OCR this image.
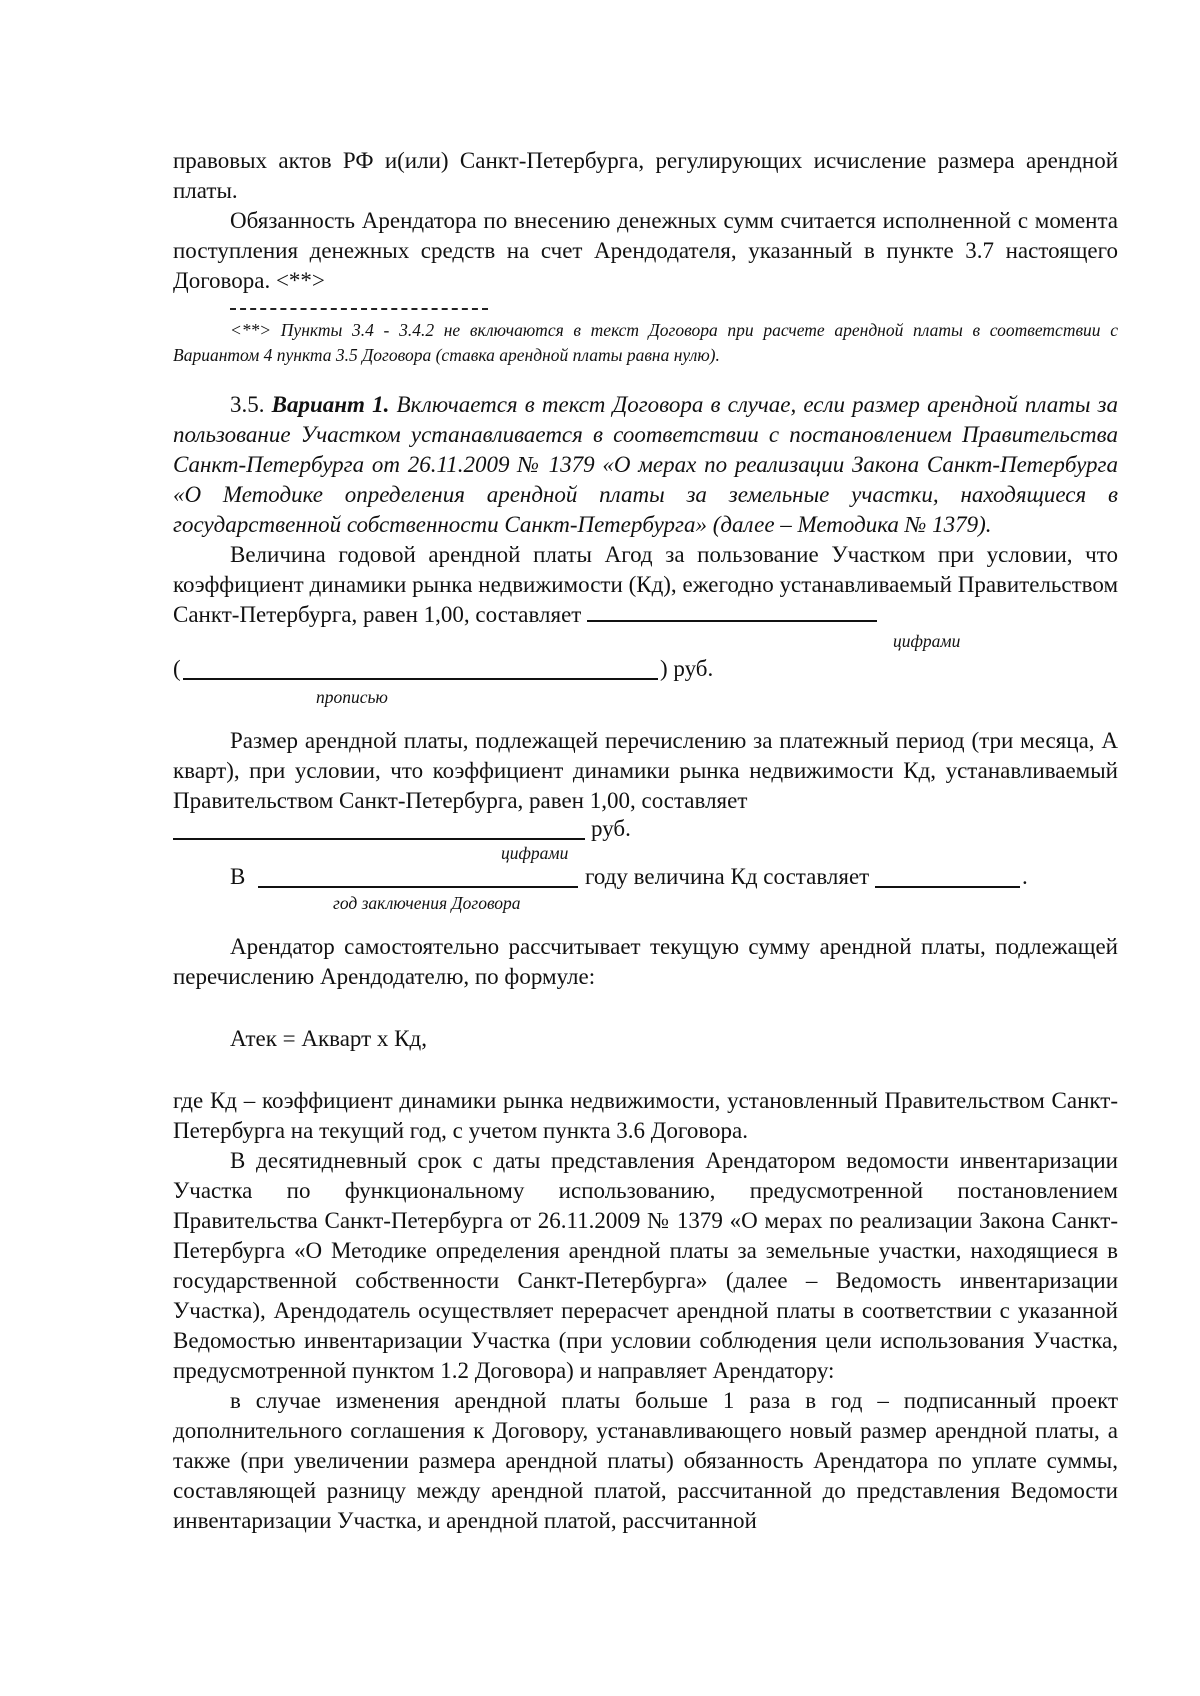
правовых актов РФ и(или) Санкт-Петербурга, регулирующих исчисление размера арендной платы.

Обязанность Арендатора по внесению денежных сумм считается исполненной с момента поступления денежных средств на счет Арендодателя, указанный в пункте 3.7 настоящего Договора. <**>

<**> Пункты 3.4 - 3.4.2 не включаются в текст Договора при расчете арендной платы в соответствии с Вариантом 4 пункта 3.5 Договора (ставка арендной платы равна нулю).

3.5. Вариант 1. Включается в текст Договора в случае, если размер арендной платы за пользование Участком устанавливается в соответствии с постановлением Правительства Санкт-Петербурга от 26.11.2009 № 1379 «О мерах по реализации Закона Санкт-Петербурга «О Методике определения арендной платы за земельные участки, находящиеся в государственной собственности Санкт-Петербурга» (далее – Методика № 1379).

Величина годовой арендной платы Агод за пользование Участком при условии, что коэффициент динамики рынка недвижимости (Кд), ежегодно устанавливаемый Правительством Санкт-Петербурга, равен 1,00, составляет

цифрами
(	) руб.
прописью

Размер арендной платы, подлежащей перечислению за платежный период (три месяца, А кварт), при условии, что коэффициент динамики рынка недвижимости Кд, устанавливаемый Правительством Санкт-Петербурга, равен 1,00, составляет

руб.
цифрами
В	году величина Кд составляет	.
год заключения Договора

Арендатор самостоятельно рассчитывает текущую сумму арендной платы, подлежащей перечислению Арендодателю, по формуле:

Атек = Акварт х Кд,

где Кд – коэффициент динамики рынка недвижимости, установленный Правительством Санкт-Петербурга на текущий год, с учетом пункта 3.6 Договора.

В десятидневный срок с даты представления Арендатором ведомости инвентаризации Участка по функциональному использованию, предусмотренной постановлением Правительства Санкт-Петербурга от 26.11.2009 № 1379 «О мерах по реализации Закона Санкт-Петербурга «О Методике определения арендной платы за земельные участки, находящиеся в государственной собственности Санкт-Петербурга» (далее – Ведомость инвентаризации Участка), Арендодатель осуществляет перерасчет арендной платы в соответствии с указанной Ведомостью инвентаризации Участка (при условии соблюдения цели использования Участка, предусмотренной пунктом 1.2 Договора) и направляет Арендатору:

в случае изменения арендной платы больше 1 раза в год – подписанный проект дополнительного соглашения к Договору, устанавливающего новый размер арендной платы, а также (при увеличении размера арендной платы) обязанность Арендатора по уплате суммы, составляющей разницу между арендной платой, рассчитанной до представления Ведомости инвентаризации Участка, и арендной платой, рассчитанной
